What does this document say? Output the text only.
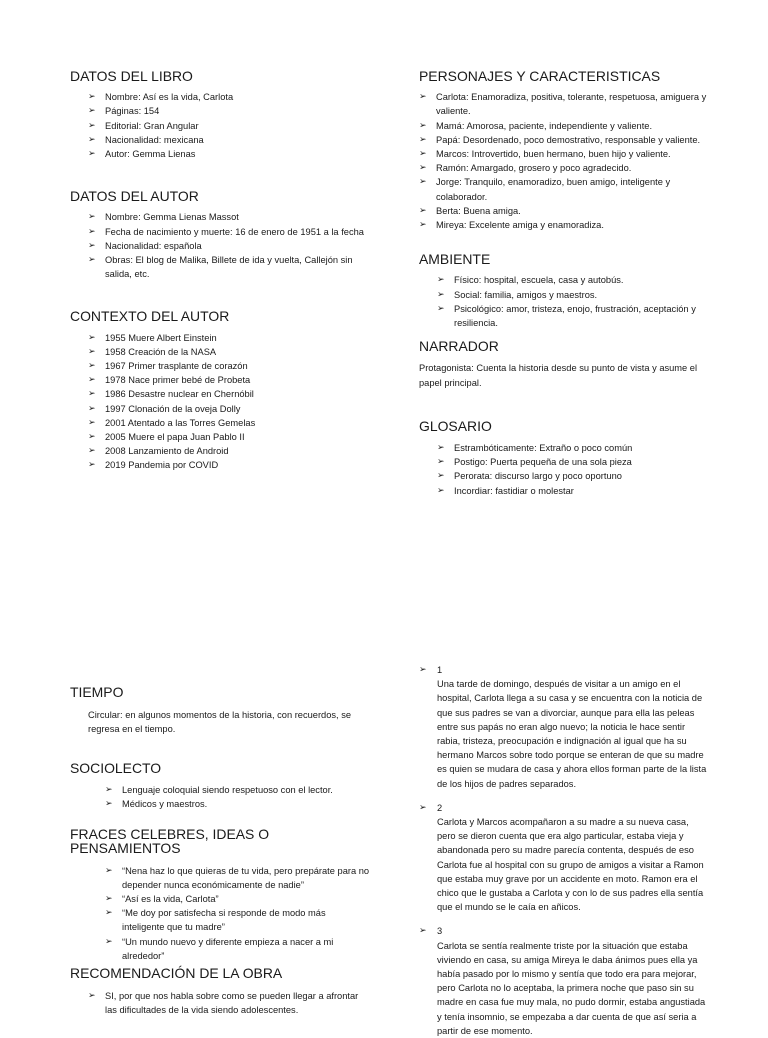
DATOS DEL LIBRO
➢	Nombre: Así es la vida, Carlota
➢	Páginas: 154
➢	Editorial: Gran Angular
➢	Nacionalidad: mexicana
➢	Autor: Gemma Lienas
DATOS DEL AUTOR
➢	Nombre: Gemma Lienas Massot
➢	Fecha de nacimiento y muerte: 16 de enero de 1951 a la fecha
➢	Nacionalidad: española
➢	Obras: El blog de Malika, Billete de ida y vuelta, Callejón sin salida, etc.
CONTEXTO DEL AUTOR
➢	1955 Muere Albert Einstein
➢	1958 Creación de la NASA
➢	1967 Primer trasplante de corazón
➢	1978 Nace primer bebé de Probeta
➢	1986 Desastre nuclear en Chernóbil
➢	1997 Clonación de la oveja Dolly
➢	2001 Atentado a las Torres Gemelas
➢	2005 Muere el papa Juan Pablo II
➢	2008 Lanzamiento de Android
➢	2019 Pandemia por COVID
PERSONAJES Y CARACTERISTICAS
➢	Carlota: Enamoradiza, positiva, tolerante, respetuosa, amiguera y valiente.
➢	Mamá: Amorosa, paciente, independiente y valiente.
➢	Papá: Desordenado, poco demostrativo, responsable y valiente.
➢	Marcos: Introvertido, buen hermano, buen hijo y valiente.
➢	Ramón: Amargado, grosero y poco agradecido.
➢	Jorge: Tranquilo, enamoradizo, buen amigo, inteligente y colaborador.
➢	Berta: Buena amiga.
➢	Mireya: Excelente amiga y enamoradiza.
AMBIENTE
➢	Físico: hospital, escuela, casa y autobús.
➢	Social: familia, amigos y maestros.
➢	Psicológico: amor, tristeza, enojo, frustración, aceptación y resiliencia.
NARRADOR

Protagonista: Cuenta la historia desde su punto de vista y asume el papel principal.

GLOSARIO
➢	Estrambóticamente: Extraño o poco común
➢	Postigo: Puerta pequeña de una sola pieza
➢	Perorata: discurso largo y poco oportuno
➢	Incordiar: fastidiar o molestar
TIEMPO

Circular: en algunos momentos de la historia, con recuerdos, se regresa en el tiempo.

SOCIOLECTO
➢	Lenguaje coloquial siendo respetuoso con el lector.
➢	Médicos y maestros.
FRACES CELEBRES, IDEAS O PENSAMIENTOS
➢	“Nena haz lo que quieras de tu vida, pero prepárate para no depender nunca económicamente de nadie”
➢	“Así es la vida, Carlota”
➢	“Me doy por satisfecha si responde de modo más inteligente que tu madre”
➢	“Un mundo nuevo y diferente empieza a nacer a mi alrededor”
RECOMENDACIÓN DE LA OBRA
➢	SI, por que nos habla sobre como se pueden llegar a afrontar las dificultades de la vida siendo adolescentes.
➢ 1

Una tarde de domingo, después de visitar a un amigo en el hospital, Carlota llega a su casa y se encuentra con la noticia de que sus padres se van a divorciar, aunque para ella las peleas entre sus papás no eran algo nuevo; la noticia le hace sentir rabia, tristeza, preocupación e indignación al igual que ha su hermano Marcos sobre todo porque se enteran de que su madre es quien se mudara de casa y ahora ellos forman parte de la lista de los hijos de padres separados.

➢ 2

Carlota y Marcos acompañaron a su madre a su nueva casa, pero se dieron cuenta que era algo particular, estaba vieja y abandonada pero su madre parecía contenta, después de eso Carlota fue al hospital con su grupo de amigos a visitar a Ramon que estaba muy grave por un accidente en moto. Ramon era el chico que le gustaba a Carlota y con lo de sus padres ella sentía que el mundo se le caía en añicos.

➢ 3

Carlota se sentía realmente triste por la situación que estaba viviendo en casa, su amiga Mireya le daba ánimos pues ella ya había pasado por lo mismo y sentía que todo era para mejorar, pero Carlota no lo aceptaba, la primera noche que paso sin su madre en casa fue muy mala, no pudo dormir, estaba angustiada y tenía insomnio, se empezaba a dar cuenta de que así seria a partir de ese momento.
